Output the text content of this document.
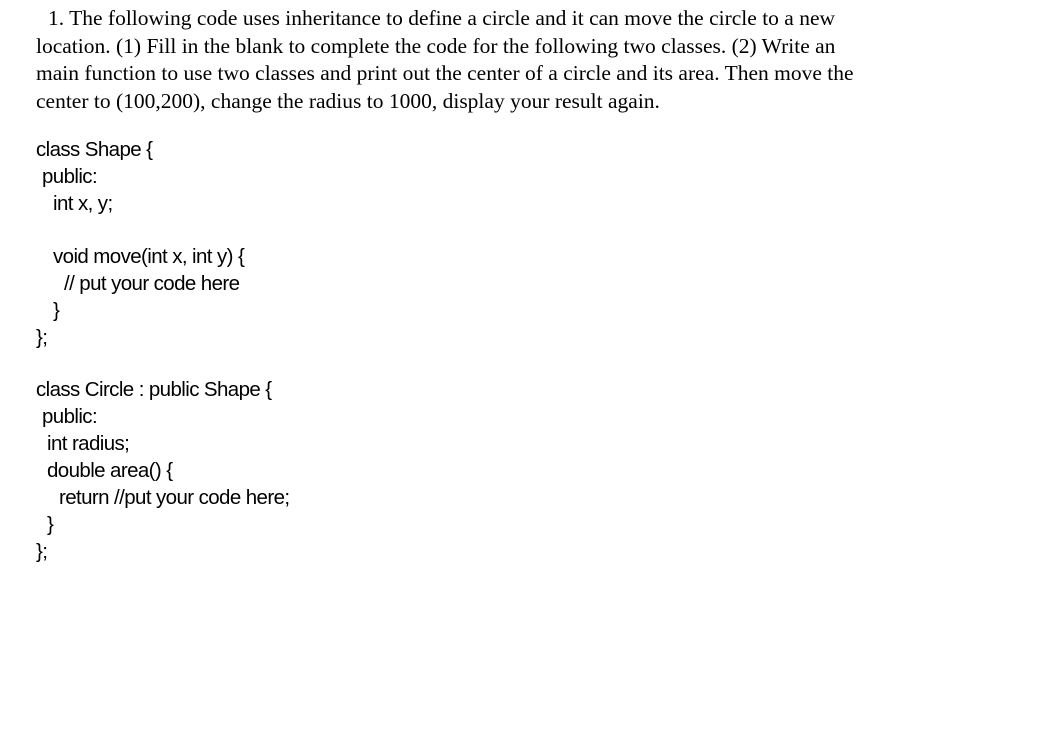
1. The following code uses inheritance to define a circle and it can move the circle to a new
location. (1) Fill in the blank to complete the code for the following two classes. (2) Write an
main function to use two classes and print out the center of a circle and its area. Then move the
center to (100,200), change the radius to 1000, display your result again.
class Shape {
public:
int x, y;
void move(int x, int y) {
// put your code here
}
};
class Circle : public Shape {
public:
int radius;
double area() {
return //put your code here;
}
};
